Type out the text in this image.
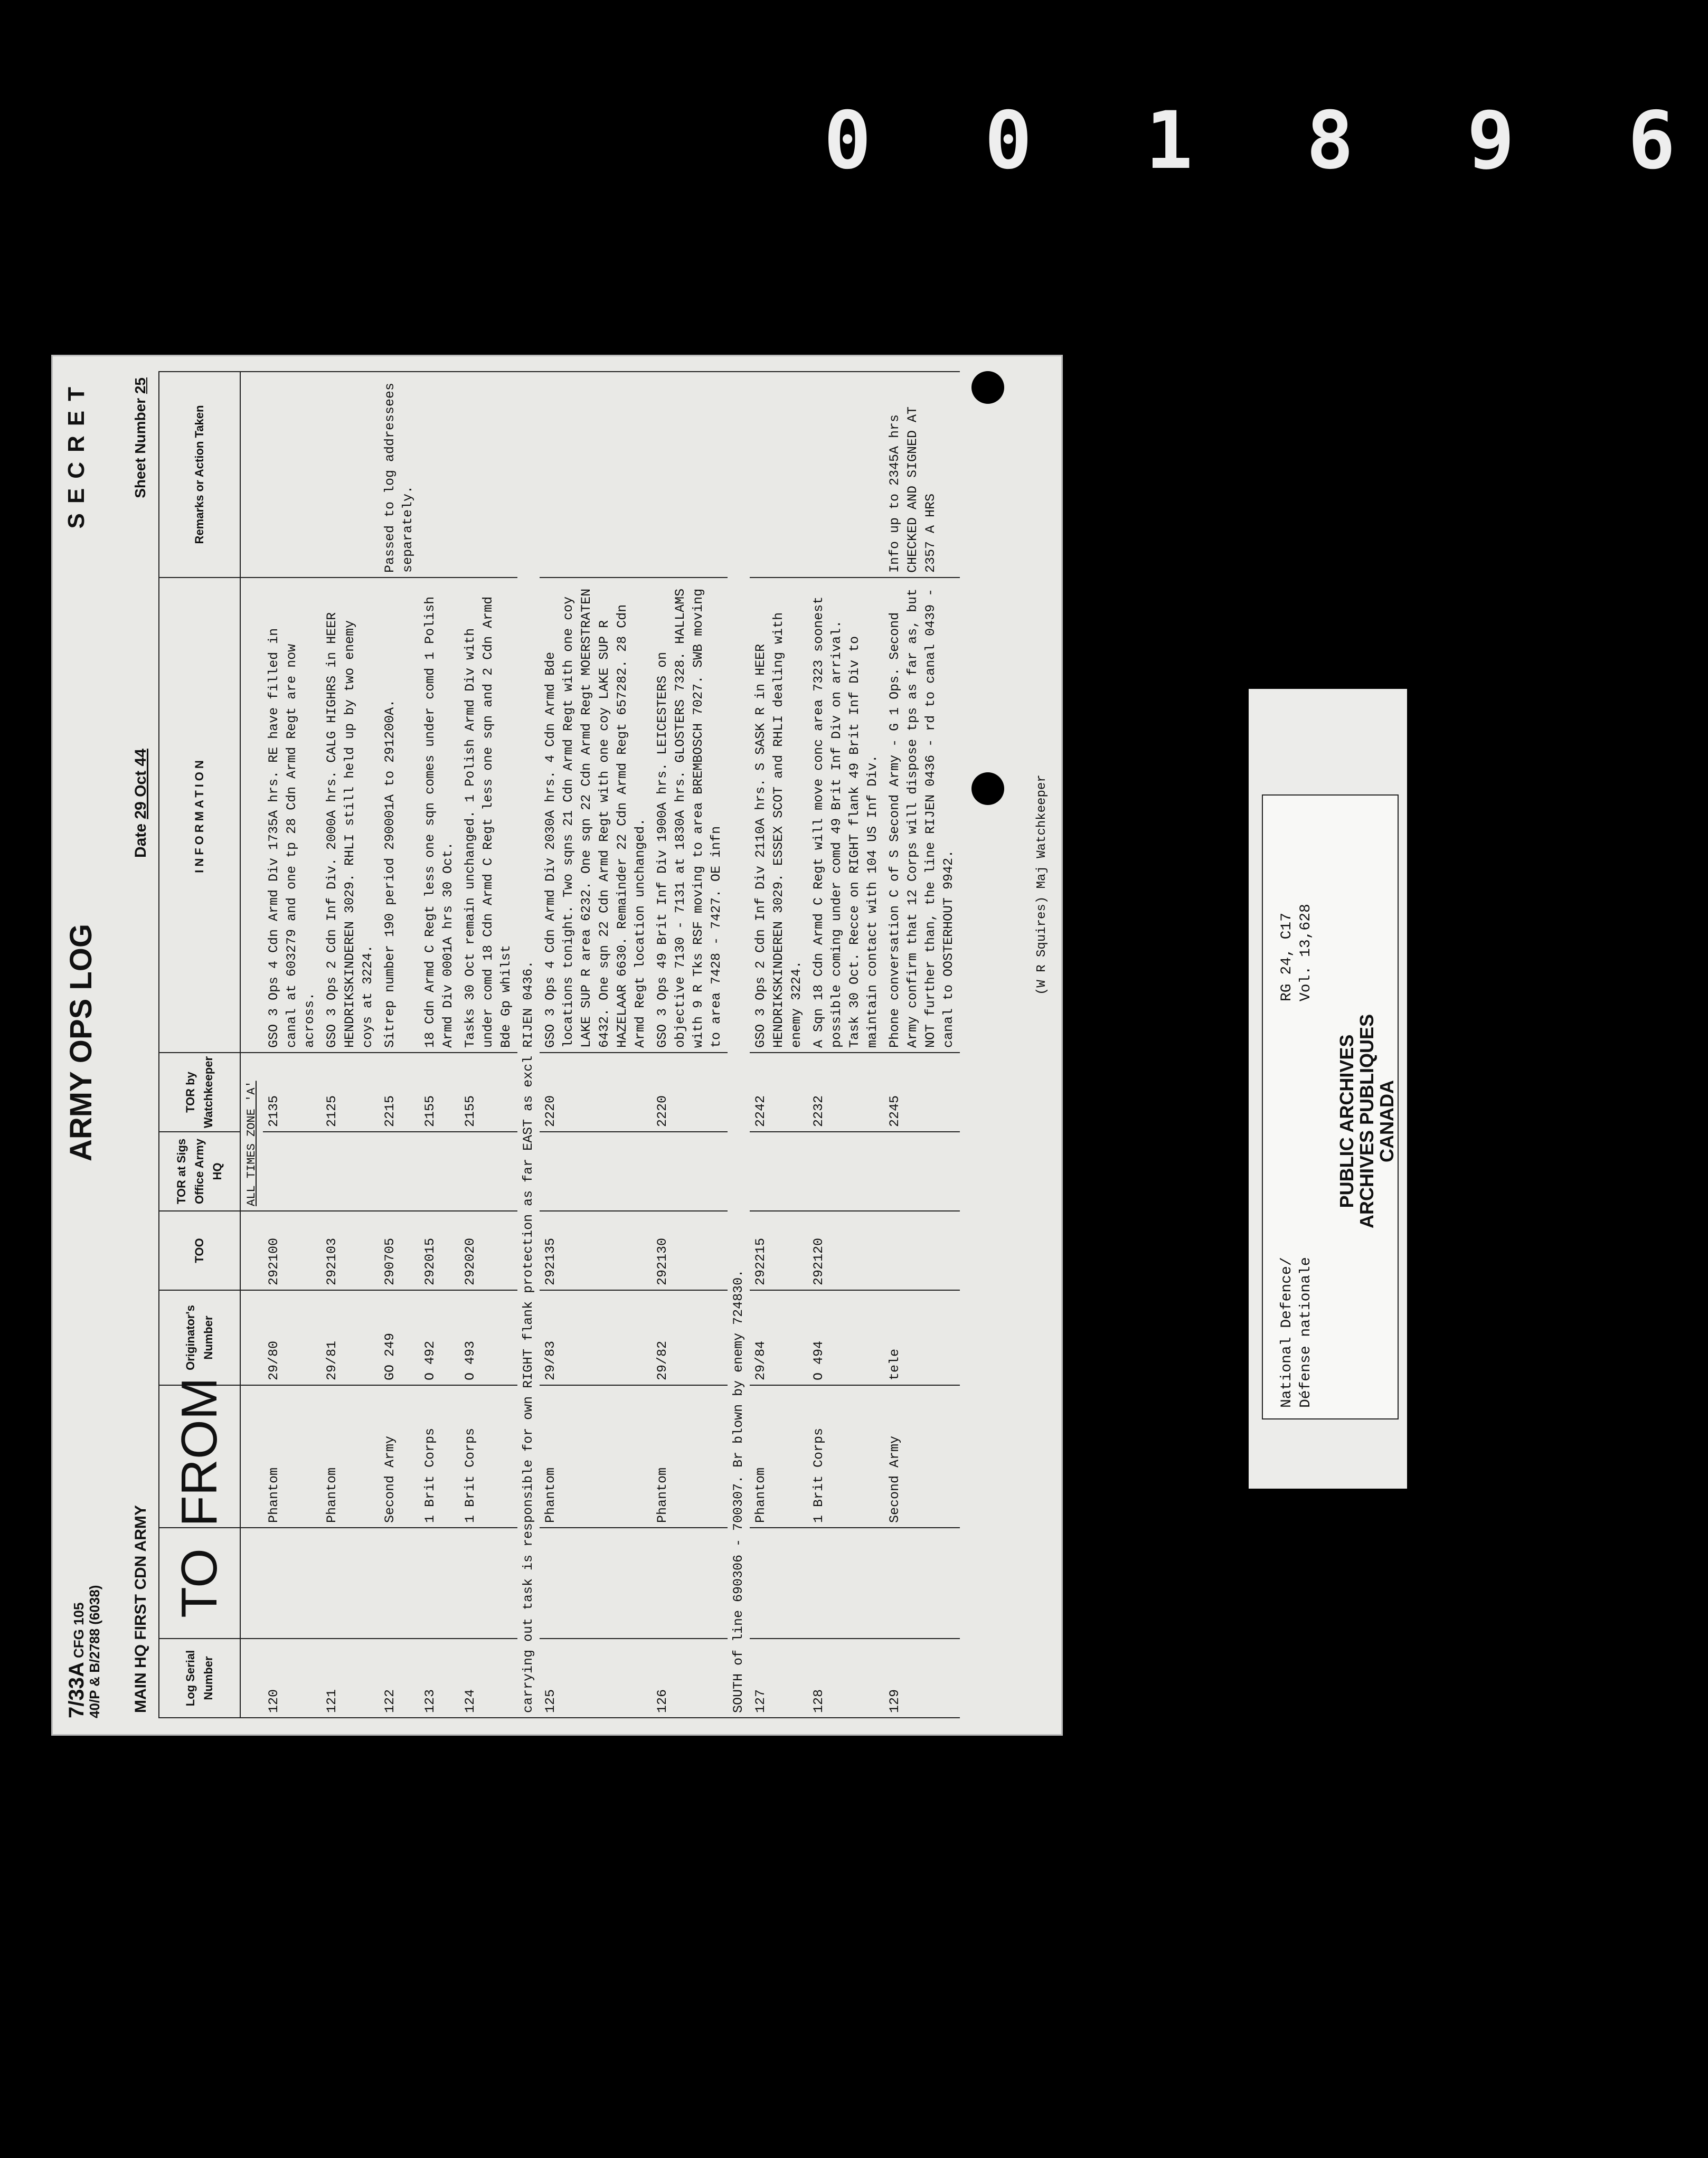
0 0 1 8 9 6
7/33A CFG 105
40/P & B/2788 (6038)
ARMY OPS LOG
SECRET
MAIN HQ FIRST CDN ARMY
Date 29 Oct 44
Sheet Number 25
Log Serial Number	TO	FROM	Originator's Number	TOO	TOR at Sigs Office Army HQ	TOR by Watchkeeper	INFORMATION	Remarks or Action Taken
					ALL TIMES ZONE 'A'			
120		Phantom	29/80	292100		2135	GSO 3 Ops 4 Cdn Armd Div 1735A hrs. RE have filled in canal at 603279 and one tp 28 Cdn Armd Regt are now across.	
121		Phantom	29/81	292103		2125	GSO 3 Ops 2 Cdn Inf Div. 2000A hrs. CALG HIGHRS in HEER HENDRIKSKINDEREN 3029. RHLI still held up by two enemy coys at 3224.	
122		Second Army	GO 249	290705		2215	Sitrep number 190 period 290001A to 291200A.	Passed to log addressees separately.
123		1 Brit Corps	O 492	292015		2155	18 Cdn Armd C Regt less one sqn comes under comd 1 Polish Armd Div 0001A hrs 30 Oct.	
124		1 Brit Corps	O 493	292020		2155	Tasks 30 Oct remain unchanged. 1 Polish Armd Div with under comd 18 Cdn Armd C Regt less one sqn and 2 Cdn Armd Bde Gp whilst	
carrying out task is responsible for own RIGHT flank protection as far EAST as excl RIJEN 0436.								
125		Phantom	29/83	292135		2220	GSO 3 Ops 4 Cdn Armd Div 2030A hrs. 4 Cdn Armd Bde locations tonight. Two sqns 21 Cdn Armd Regt with one coy LAKE SUP R area 6232. One sqn 22 Cdn Armd Regt MOERSTRATEN 6432. One sqn 22 Cdn Armd Regt with one coy LAKE SUP R HAZELAAR 6630. Remainder 22 Cdn Armd Regt 657282. 28 Cdn Armd Regt location unchanged.	
126		Phantom	29/82	292130		2220	GSO 3 Ops 49 Brit Inf Div 1900A hrs. LEICESTERS on objective 7130 - 7131 at 1830A hrs. GLOSTERS 7328. HALLAMS with 9 R Tks RSF moving to area BREMBOSCH 7027. SWB moving to area 7428 - 7427. OE infn	
SOUTH of line 690306 - 700307. Br blown by enemy 724830.								
127		Phantom	29/84	292215		2242	GSO 3 Ops 2 Cdn Inf Div 2110A hrs. S SASK R in HEER HENDRIKSKINDEREN 3029. ESSEX SCOT and RHLI dealing with enemy 3224.	
128		1 Brit Corps	O 494	292120		2232	A Sqn 18 Cdn Armd C Regt will move conc area 7323 soonest possible coming under comd 49 Brit Inf Div on arrival. Task 30 Oct. Recce on RIGHT flank 49 Brit Inf Div to maintain contact with 104 US Inf Div.	
129		Second Army	tele			2245	Phone conversation C of S Second Army - G 1 Ops. Second Army confirm that 12 Corps will dispose tps as far as, but NOT further than, the line RIJEN 0436 - rd to canal 0439 - canal to OOSTERHOUT 9942.	Info up to 2345A hrs CHECKED AND SIGNED AT 2357 A HRS
(W R Squires) Maj Watchkeeper
National Defence/ Défense nationale
RG 24, C17 Vol. 13,628
PUBLIC ARCHIVES
ARCHIVES PUBLIQUES
CANADA
